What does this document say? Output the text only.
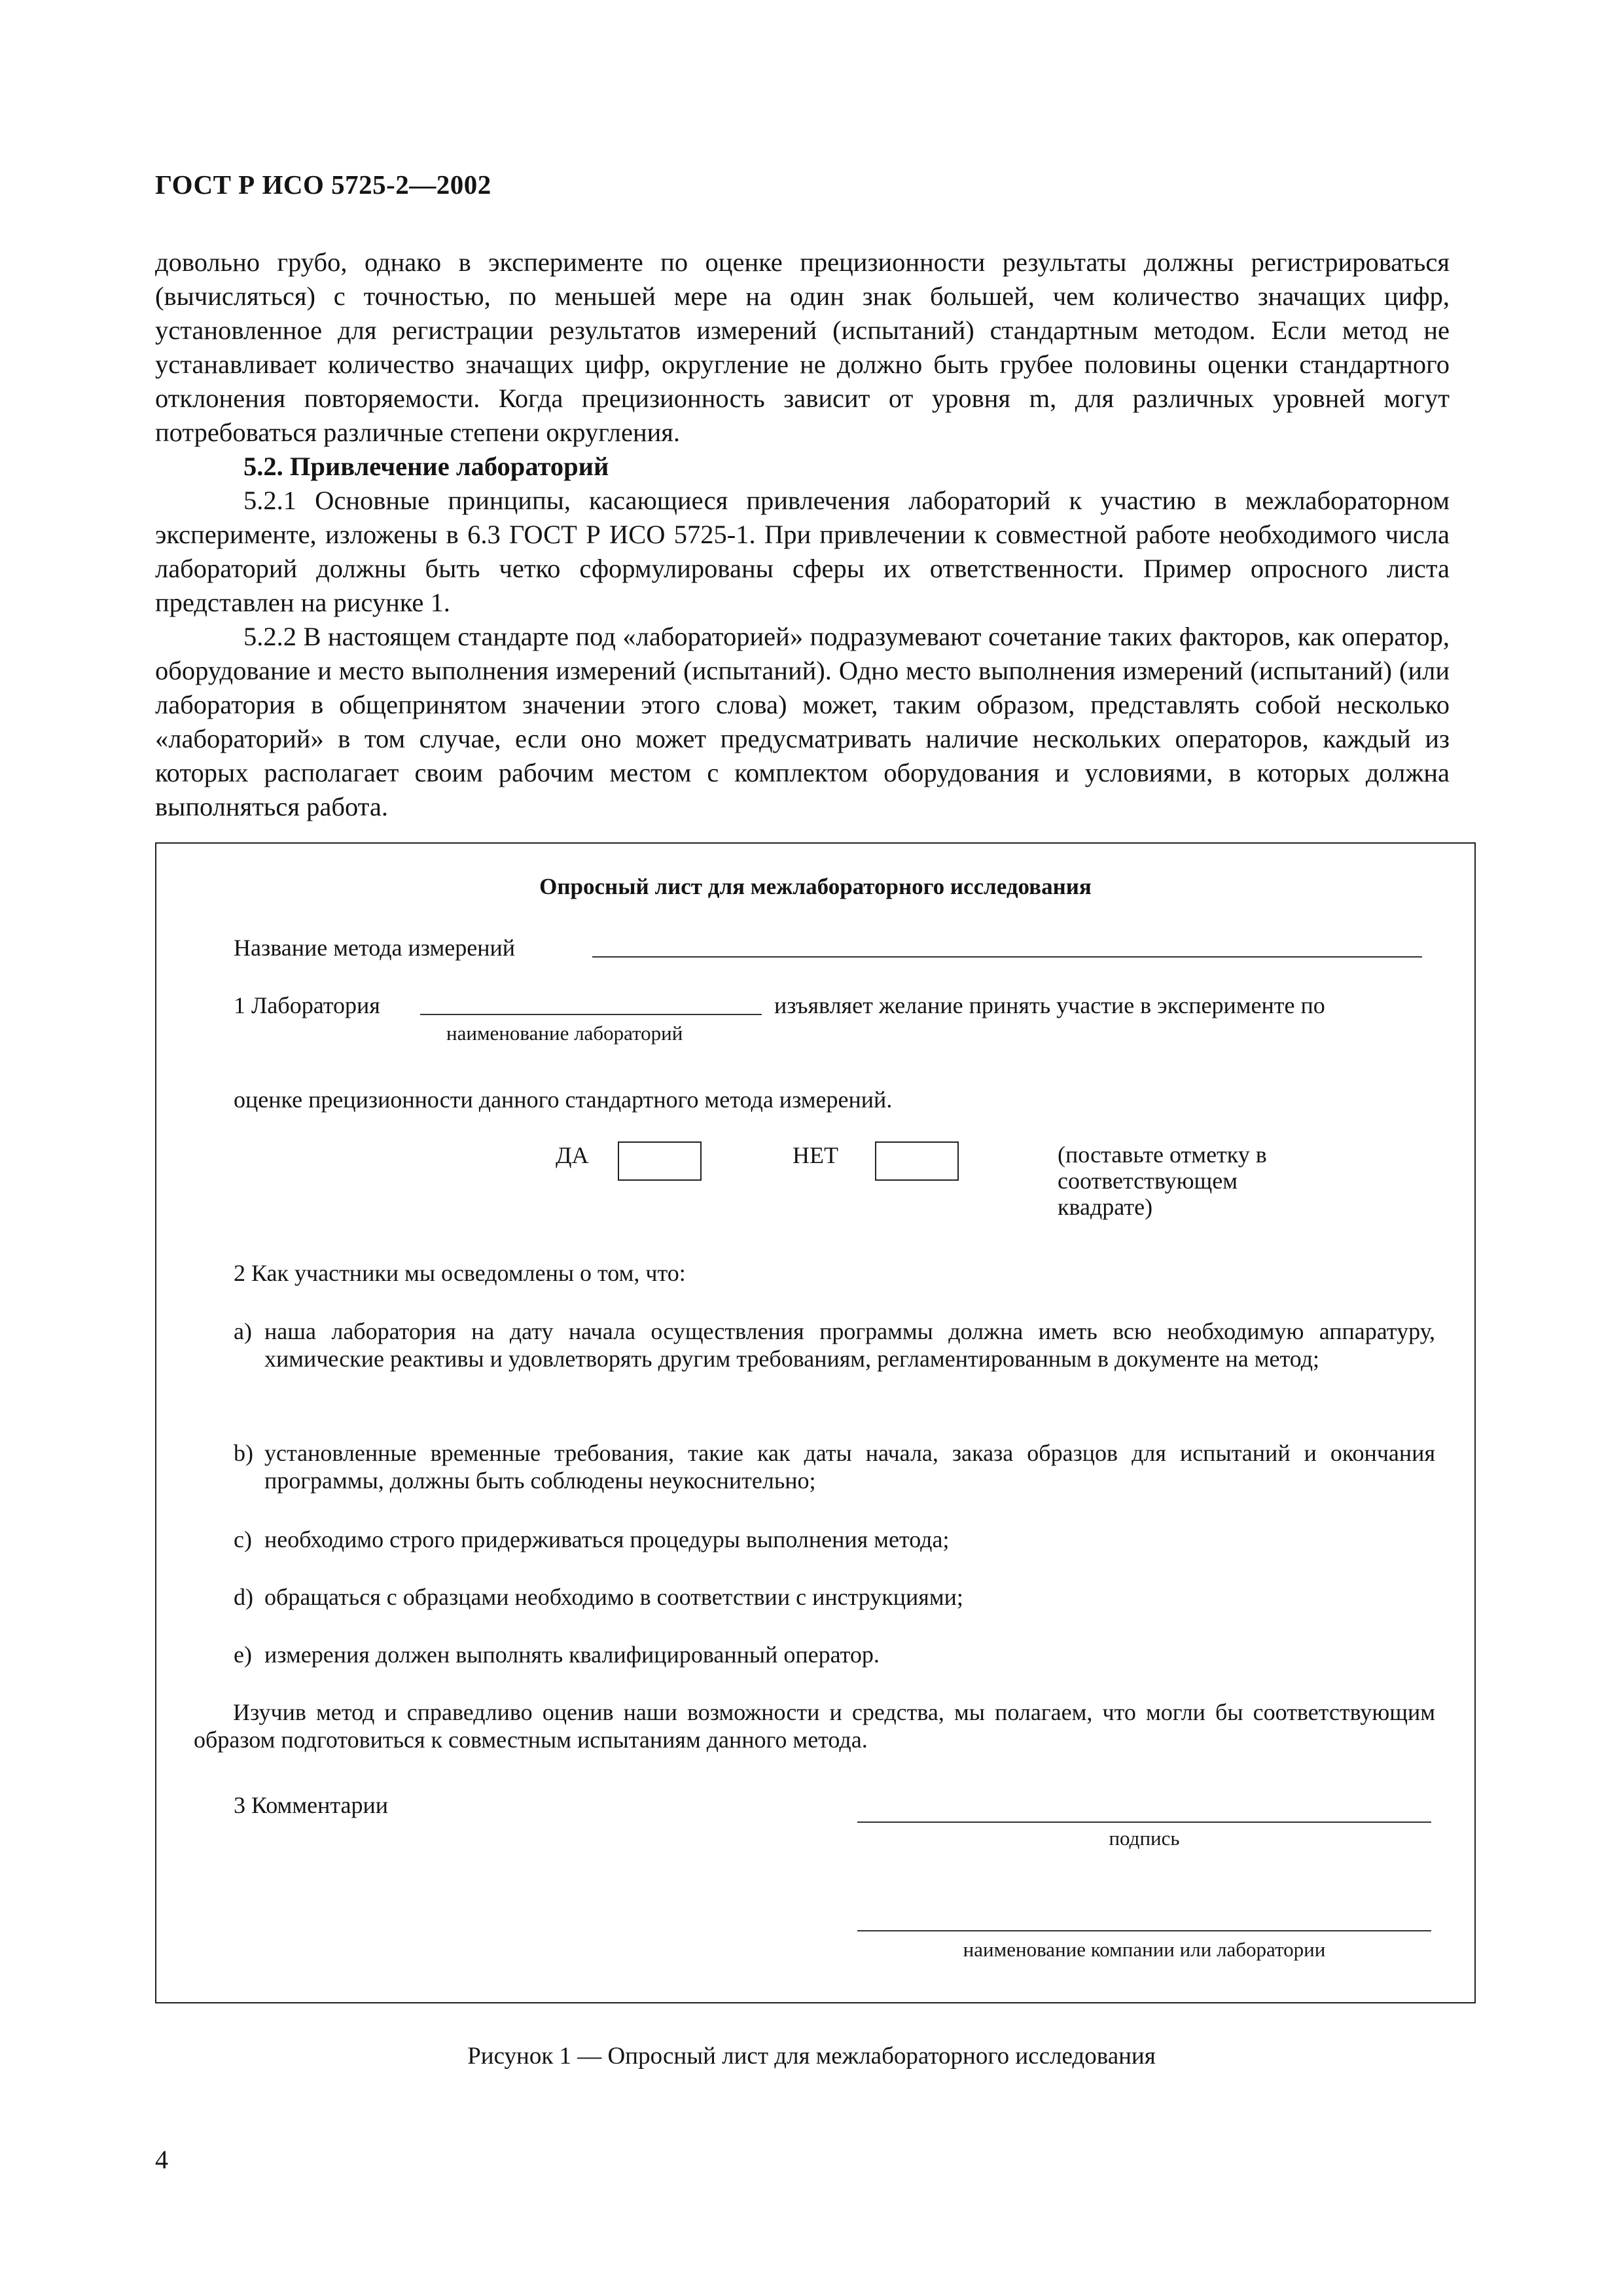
ГОСТ Р ИСО 5725-2—2002

довольно грубо, однако в эксперименте по оценке прецизионности результаты должны регистрироваться (вычисляться) с точностью, по меньшей мере на один знак большей, чем количество значащих цифр, установленное для регистрации результатов измерений (испытаний) стандартным методом. Если метод не устанавливает количество значащих цифр, округление не должно быть грубее половины оценки стандартного отклонения повторяемости. Когда прецизионность зависит от уровня m, для различных уровней могут потребоваться различные степени округления.

5.2. Привлечение лабораторий

5.2.1 Основные принципы, касающиеся привлечения лабораторий к участию в межлабораторном эксперименте, изложены в 6.3 ГОСТ Р ИСО 5725-1. При привлечении к совместной работе необходимого числа лабораторий должны быть четко сформулированы сферы их ответственности. Пример опросного листа представлен на рисунке 1.

5.2.2 В настоящем стандарте под «лабораторией» подразумевают сочетание таких факторов, как оператор, оборудование и место выполнения измерений (испытаний). Одно место выполнения измерений (испытаний) (или лаборатория в общепринятом значении этого слова) может, таким образом, представлять собой несколько «лабораторий» в том случае, если оно может предусматривать наличие нескольких операторов, каждый из которых располагает своим рабочим местом с комплектом оборудования и условиями, в которых должна выполняться работа.

Опросный лист для межлабораторного исследования
Название метода измерений
1 Лаборатория	изъявляет желание принять участие в эксперименте по
наименование лабораторий
оценке прецизионности данного стандартного метода измерений.
ДА	НЕТ	(поставьте отметку в
соответствующем
квадрате)
2 Как участники мы осведомлены о том, что:
a) наша лаборатория на дату начала осуществления программы должна иметь всю необходимую аппаратуру, химические реактивы и удовлетворять другим требованиям, регламентированным в документе на метод;
b) установленные временные требования, такие как даты начала, заказа образцов для испытаний и окончания программы, должны быть соблюдены неукоснительно;
c) необходимо строго придерживаться процедуры выполнения метода;
d) обращаться с образцами необходимо в соответствии с инструкциями;
e) измерения должен выполнять квалифицированный оператор.
Изучив метод и справедливо оценив наши возможности и средства, мы полагаем, что могли бы соответствующим образом подготовиться к совместным испытаниям данного метода.
3 Комментарии
подпись
наименование компании или лаборатории
Рисунок 1 — Опросный лист для межлабораторного исследования
4
